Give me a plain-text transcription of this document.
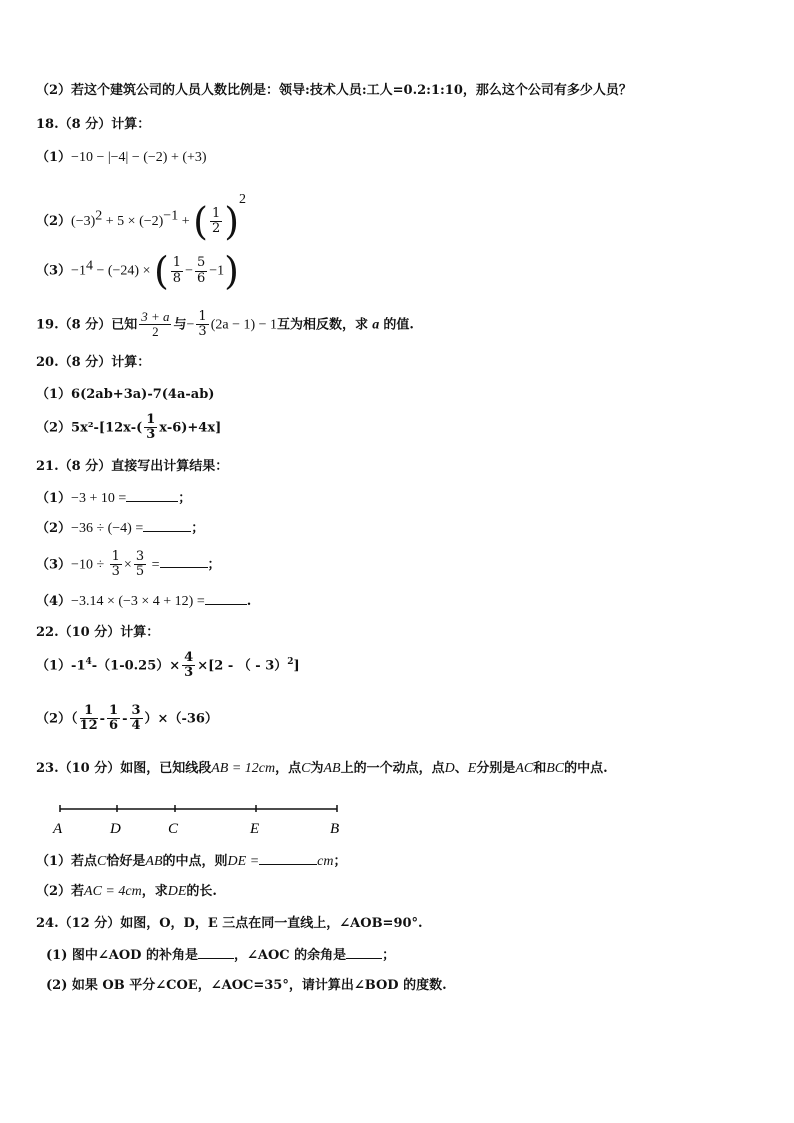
（2）若这个建筑公司的人员人数比例是：领导:技术人员:工人=0.2:1:10，那么这个公司有多少人员？
18.（8 分）计算：
（1）−10 − |−4| − (−2) + (+3)
$(2)(-3)^2 + 5 \times (-2)^{-1}$ + ( $\frac{1}{2} )^2$
$(3)-1^4 - (-24)$ × ( $\frac{1}{8} - \frac{5}{6} -1$)
19.（8 分）已知 $\frac{3 + a}{2}$ 与− $\frac{1}{3} (2a - 1) - 1$互为相反数，求 a 的值.
20.（8 分）计算：
（1）6(2ab+3a)-7(4a-ab)
$(2)5x^2-[12x-( \frac{1}{3} x-6)+4x]$
21.（8 分）直接写出计算结果：
（1）−3 + 10 =	；
（2）−36 ÷ (−4) =	；
$(3)-10 \div \frac{1}{3} \times \frac{3}{5}$ =	；
（4）−3.14 × (−3 × 4 + 12) =	.
22.（10 分）计算：
$(1)-1^4-(1-0.25)\times \frac{4}{3} \times[2$ - （ - 3）$^2$]
$(2)( \frac{1}{12} - \frac{1}{6} - \frac{3}{4} )\times(-36)$
23.（10 分）如图，已知线段AB = 12cm，点C为AB上的一个动点，点D、E分别是AC和BC的中点.
A	D	C	E	B
（1）若点C恰好是AB的中点，则DE =	cm；
（2）若AC = 4cm，求DE的长.
24.（12 分）如图，O，D，E 三点在同一直线上，∠AOB=90°.
(1) 图中∠AOD 的补角是	，∠AOC 的余角是	；
(2) 如果 OB 平分∠COE，∠AOC=35°，请计算出∠BOD 的度数.
